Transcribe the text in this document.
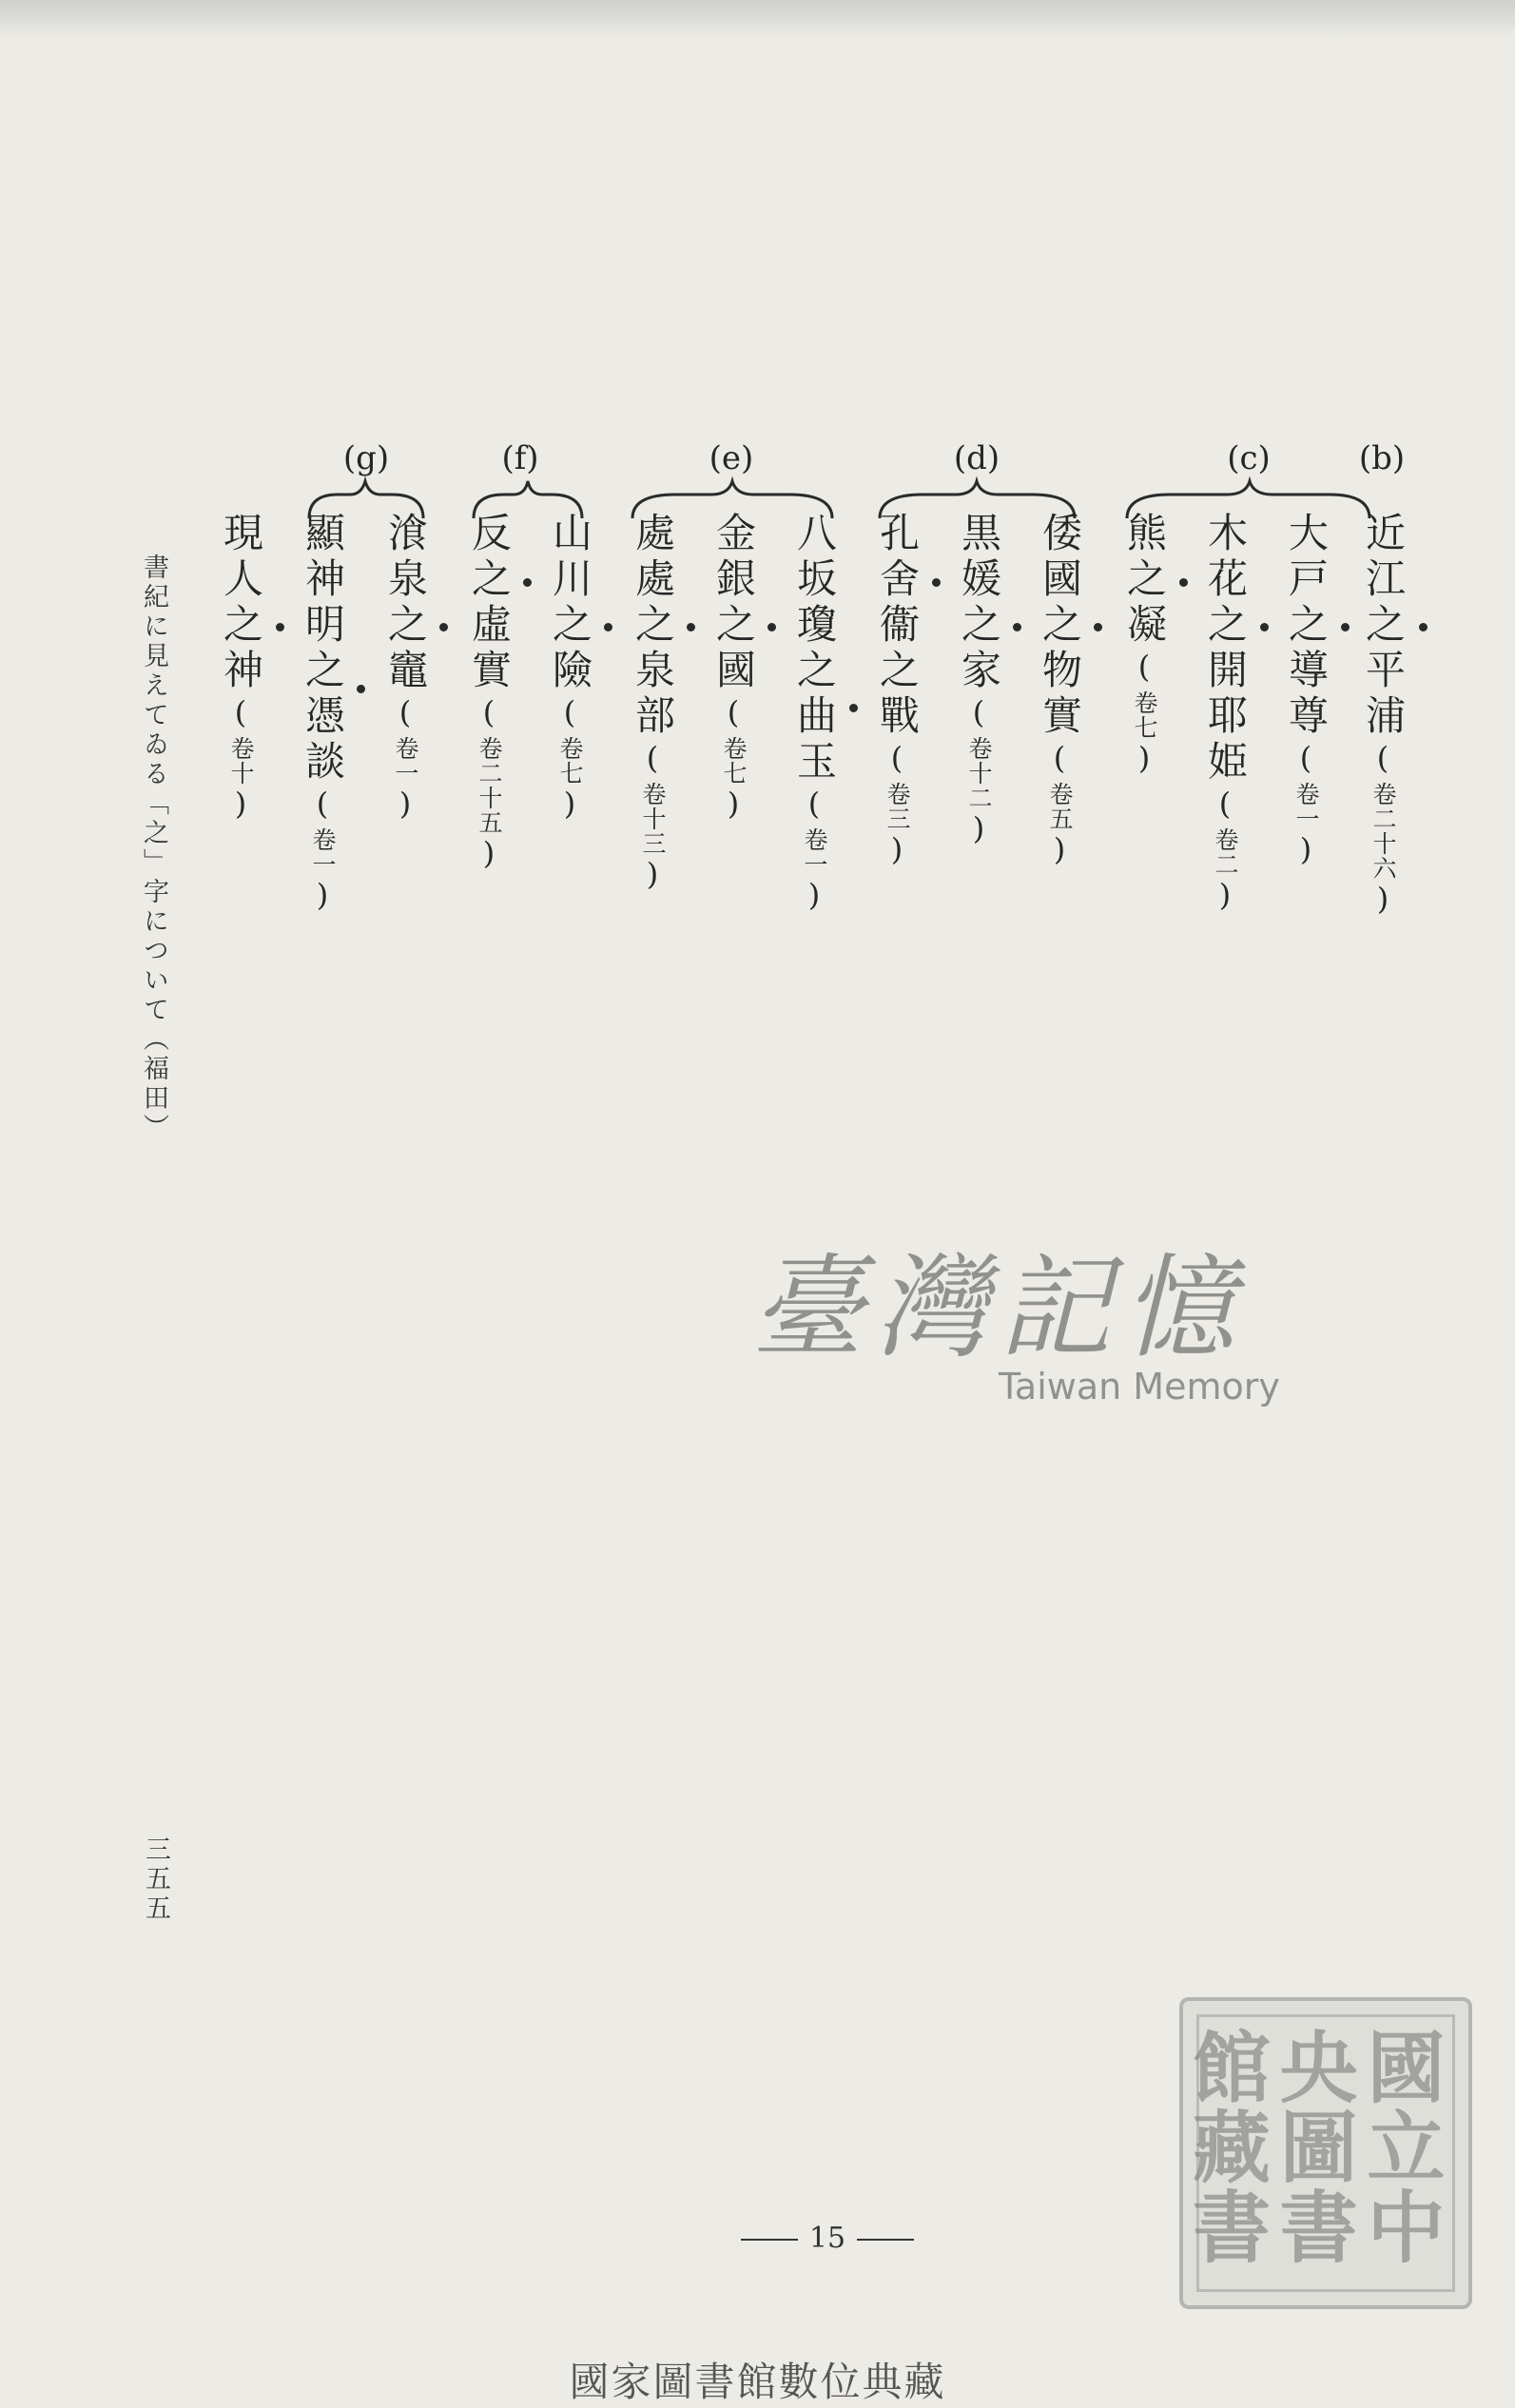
(b)
(c)
(d)
(e)
(f)
(g)
近江之平浦(卷二十六)
大戸之導尊(卷一)
木花之開耶姫(卷二)
熊之凝(卷七)
倭國之物實(卷五)
黒媛之家(卷十二)
孔舍衞之戰(卷三)
八坂瓊之曲玉(卷一)
金銀之國(卷七)
處處之泉部(卷十三)
山川之險(卷七)
反之虛實(卷二十五)
湌泉之竈(卷一)
顯神明之憑談(卷一)
現人之神(卷十)
書紀に見えてゐる「之」字について（福田）
三五五
15
臺灣記憶
Taiwan Memory
國立中央圖書館藏書
國家圖書館數位典藏
